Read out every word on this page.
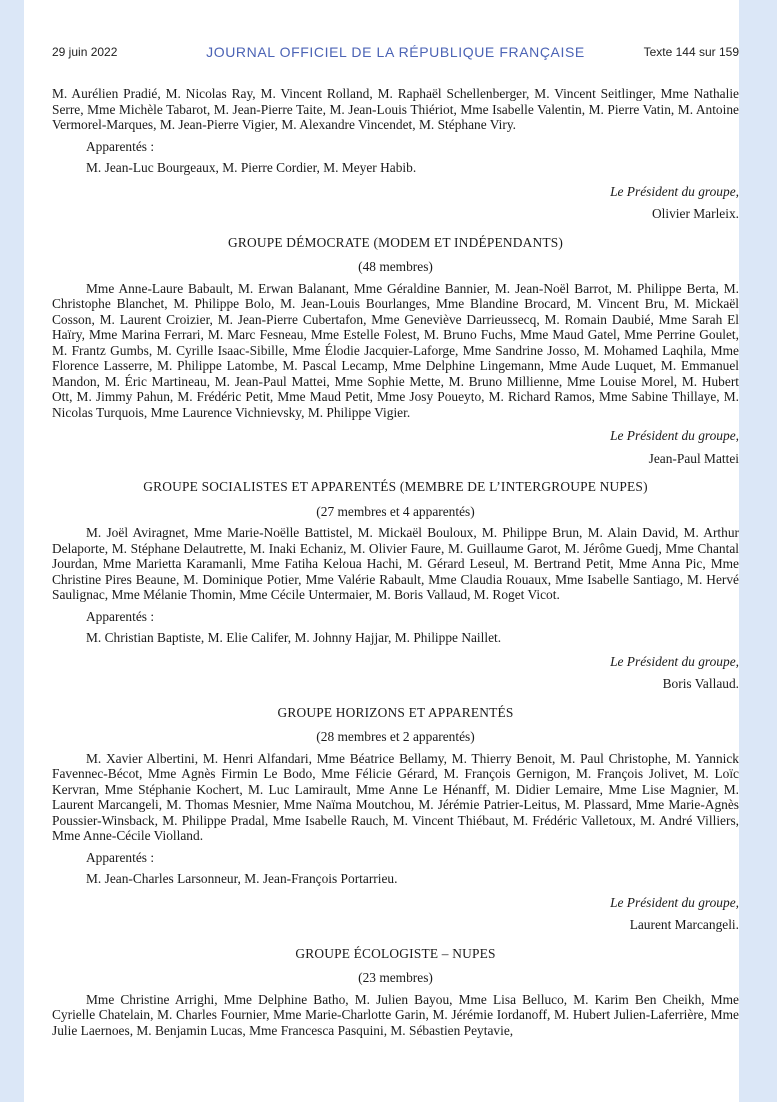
29 juin 2022	JOURNAL OFFICIEL DE LA RÉPUBLIQUE FRANÇAISE	Texte 144 sur 159

M. Aurélien Pradié, M. Nicolas Ray, M. Vincent Rolland, M. Raphaël Schellenberger, M. Vincent Seitlinger, Mme Nathalie Serre, Mme Michèle Tabarot, M. Jean-Pierre Taite, M. Jean-Louis Thiériot, Mme Isabelle Valentin, M. Pierre Vatin, M. Antoine Vermorel-Marques, M. Jean-Pierre Vigier, M. Alexandre Vincendet, M. Stéphane Viry.

Apparentés :

M. Jean-Luc Bourgeaux, M. Pierre Cordier, M. Meyer Habib.

Le Président du groupe,
Olivier Marleix.

GROUPE DÉMOCRATE (MODEM ET INDÉPENDANTS)

(48 membres)

Mme Anne-Laure Babault, M. Erwan Balanant, Mme Géraldine Bannier, M. Jean-Noël Barrot, M. Philippe Berta, M. Christophe Blanchet, M. Philippe Bolo, M. Jean-Louis Bourlanges, Mme Blandine Brocard, M. Vincent Bru, M. Mickaël Cosson, M. Laurent Croizier, M. Jean-Pierre Cubertafon, Mme Geneviève Darrieussecq, M. Romain Daubié, Mme Sarah El Haïry, Mme Marina Ferrari, M. Marc Fesneau, Mme Estelle Folest, M. Bruno Fuchs, Mme Maud Gatel, Mme Perrine Goulet, M. Frantz Gumbs, M. Cyrille Isaac-Sibille, Mme Élodie Jacquier-Laforge, Mme Sandrine Josso, M. Mohamed Laqhila, Mme Florence Lasserre, M. Philippe Latombe, M. Pascal Lecamp, Mme Delphine Lingemann, Mme Aude Luquet, M. Emmanuel Mandon, M. Éric Martineau, M. Jean-Paul Mattei, Mme Sophie Mette, M. Bruno Millienne, Mme Louise Morel, M. Hubert Ott, M. Jimmy Pahun, M. Frédéric Petit, Mme Maud Petit, Mme Josy Poueyto, M. Richard Ramos, Mme Sabine Thillaye, M. Nicolas Turquois, Mme Laurence Vichnievsky, M. Philippe Vigier.

Le Président du groupe,
Jean-Paul Mattei

GROUPE SOCIALISTES ET APPARENTÉS (MEMBRE DE L’INTERGROUPE NUPES)

(27 membres et 4 apparentés)

M. Joël Aviragnet, Mme Marie-Noëlle Battistel, M. Mickaël Bouloux, M. Philippe Brun, M. Alain David, M. Arthur Delaporte, M. Stéphane Delautrette, M. Inaki Echaniz, M. Olivier Faure, M. Guillaume Garot, M. Jérôme Guedj, Mme Chantal Jourdan, Mme Marietta Karamanli, Mme Fatiha Keloua Hachi, M. Gérard Leseul, M. Bertrand Petit, Mme Anna Pic, Mme Christine Pires Beaune, M. Dominique Potier, Mme Valérie Rabault, Mme Claudia Rouaux, Mme Isabelle Santiago, M. Hervé Saulignac, Mme Mélanie Thomin, Mme Cécile Untermaier, M. Boris Vallaud, M. Roget Vicot.

Apparentés :

M. Christian Baptiste, M. Elie Califer, M. Johnny Hajjar, M. Philippe Naillet.

Le Président du groupe,
Boris Vallaud.

GROUPE HORIZONS ET APPARENTÉS

(28 membres et 2 apparentés)

M. Xavier Albertini, M. Henri Alfandari, Mme Béatrice Bellamy, M. Thierry Benoit, M. Paul Christophe, M. Yannick Favennec-Bécot, Mme Agnès Firmin Le Bodo, Mme Félicie Gérard, M. François Gernigon, M. François Jolivet, M. Loïc Kervran, Mme Stéphanie Kochert, M. Luc Lamirault, Mme Anne Le Hénanff, M. Didier Lemaire, Mme Lise Magnier, M. Laurent Marcangeli, M. Thomas Mesnier, Mme Naïma Moutchou, M. Jérémie Patrier-Leitus, M. Plassard, Mme Marie-Agnès Poussier-Winsback, M. Philippe Pradal, Mme Isabelle Rauch, M. Vincent Thiébaut, M. Frédéric Valletoux, M. André Villiers, Mme Anne-Cécile Violland.

Apparentés :

M. Jean-Charles Larsonneur, M. Jean-François Portarrieu.

Le Président du groupe,
Laurent Marcangeli.

GROUPE ÉCOLOGISTE – NUPES

(23 membres)

Mme Christine Arrighi, Mme Delphine Batho, M. Julien Bayou, Mme Lisa Belluco, M. Karim Ben Cheikh, Mme Cyrielle Chatelain, M. Charles Fournier, Mme Marie-Charlotte Garin, M. Jérémie Iordanoff, M. Hubert Julien-Laferrière, Mme Julie Laernoes, M. Benjamin Lucas, Mme Francesca Pasquini, M. Sébastien Peytavie,
